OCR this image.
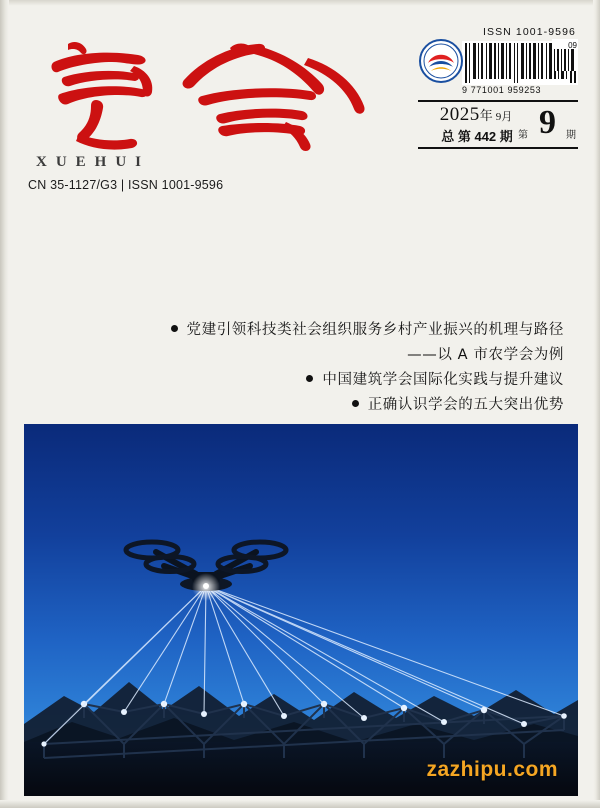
XUEHUI
CN 35-1127/G3 | ISSN 1001-9596
ISSN 1001-9596
9 771001 959253
09
2025年 9月
总 第 442 期 第 9 期
党建引领科技类社会组织服务乡村产业振兴的机理与路径
——以 A 市农学会为例
中国建筑学会国际化实践与提升建议
正确认识学会的五大突出优势
zazhipu.com
